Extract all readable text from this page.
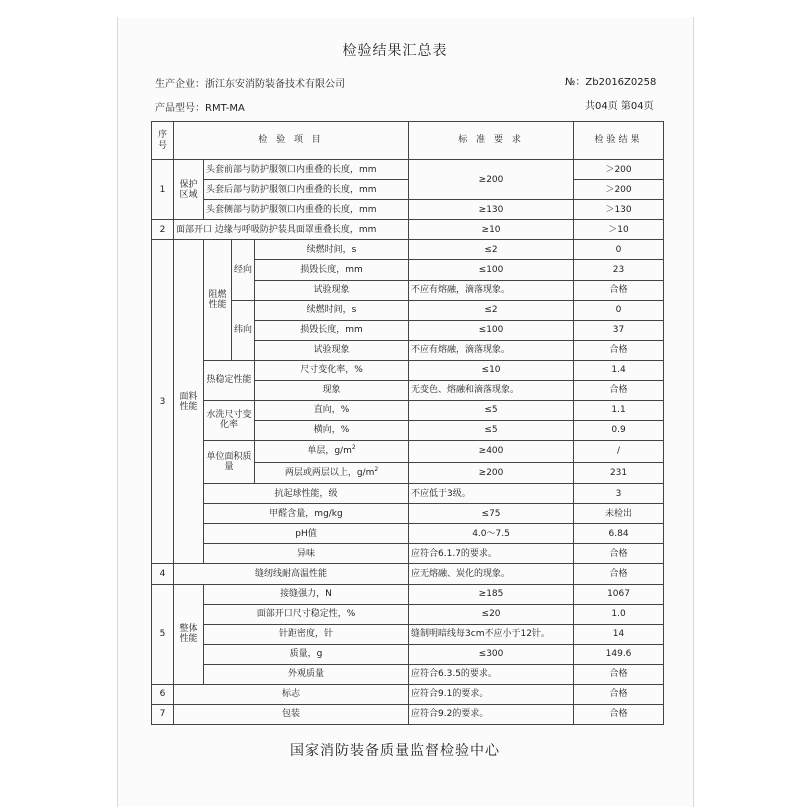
检验结果汇总表
生产企业：浙江东安消防装备技术有限公司	№：Zb2016Z0258
产品型号：RMT-MA	共04页 第04页
序号	检 验 项 目				标 准 要 求	检验结果
1	保护区域	头套前部与防护服领口内重叠的长度，mm			≥200	＞200
		头套后部与防护服领口内重叠的长度，mm				＞200
		头套侧部与防护服领口内重叠的长度，mm			≥130	＞130
2	面部开口 边缘与呼吸防护装具面罩重叠长度，mm				≥10	＞10
3	面料性能	阻燃性能	经向	续燃时间，s	≤2	0
				损毁长度，mm	≤100	23
				试验现象	不应有熔融，滴落现象。	合格
			纬向	续燃时间，s	≤2	0
				损毁长度，mm	≤100	37
				试验现象	不应有熔融，滴落现象。	合格
		热稳定性能		尺寸变化率，%	≤10	1.4
				现象	无变色、熔融和滴落现象。	合格
		水洗尺寸变化率		直向，%	≤5	1.1
				横向，%	≤5	0.9
		单位面积质量		单层，$g/m^2$	≥400	/
				两层或两层以上，$g/m^2$	≥200	231
		抗起球性能，级			不应低于3级。	3
		甲醛含量，mg/kg			≤75	未检出
		pH值			4.0～7.5	6.84
		异味			应符合6.1.7的要求。	合格
4	缝纫线耐高温性能				应无熔融、炭化的现象。	合格
5	整体性能	接缝强力，N			≥185	1067
		面部开口尺寸稳定性，%			≤20	1.0
		针距密度，针			缝制明暗线每3cm不应小于12针。	14
		质量，g			≤300	149.6
		外观质量			应符合6.3.5的要求。	合格
6	标志				应符合9.1的要求。	合格
7	包装				应符合9.2的要求。	合格
国家消防装备质量监督检验中心
